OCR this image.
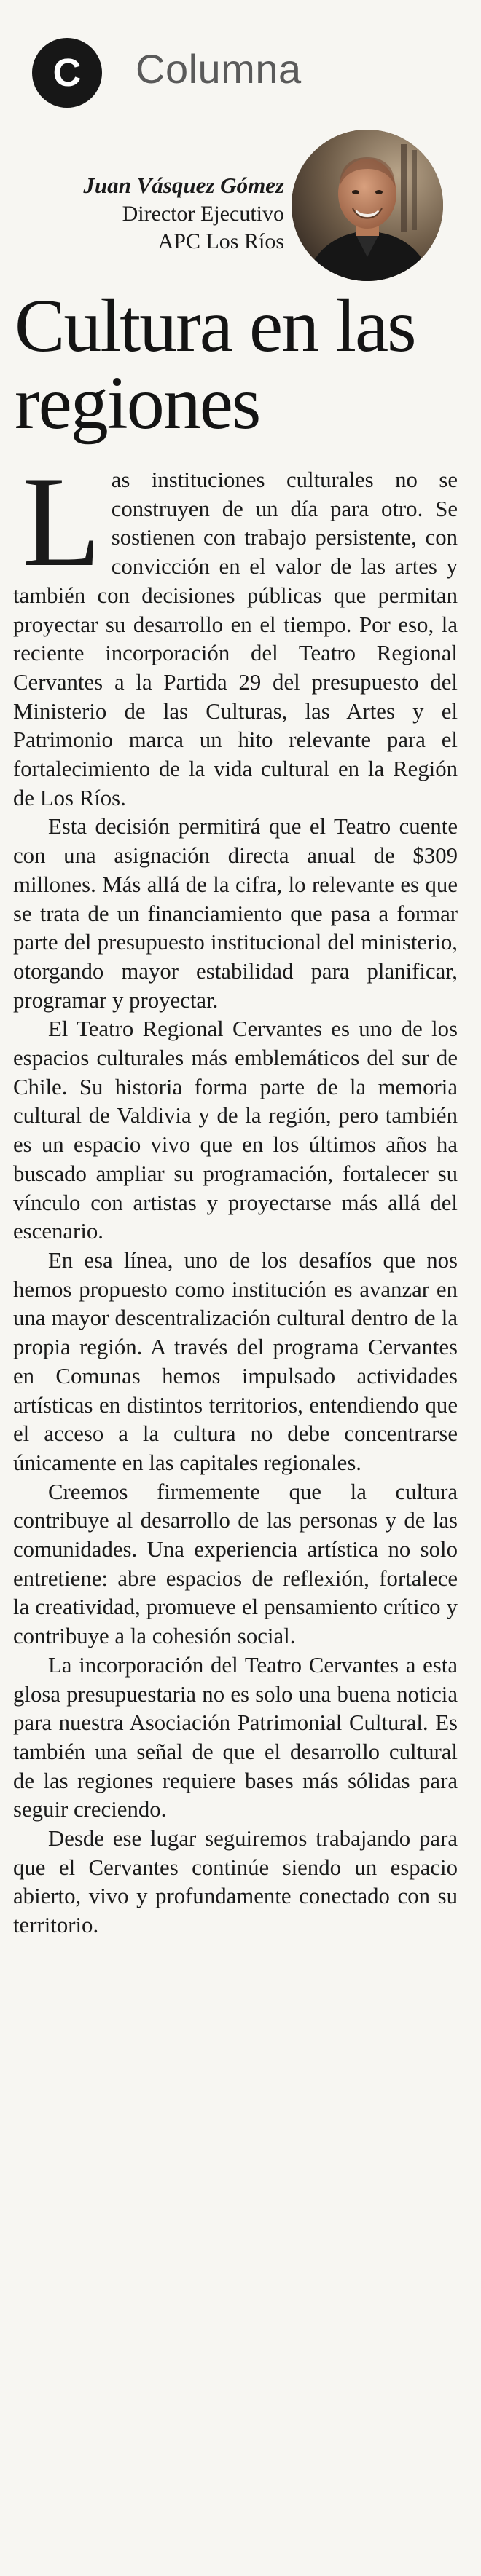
C	Columna
Juan Vásquez Gómez
Director Ejecutivo
APC Los Ríos
Cultura en las regiones

Las instituciones culturales no se construyen de un día para otro. Se sostienen con trabajo persistente, con convicción en el valor de las artes y también con decisiones públicas que permitan proyectar su desarrollo en el tiempo. Por eso, la reciente incorporación del Teatro Regional Cervantes a la Partida 29 del presupuesto del Ministerio de las Culturas, las Artes y el Patrimonio marca un hito relevante para el fortalecimiento de la vida cultural en la Región de Los Ríos.

Esta decisión permitirá que el Teatro cuente con una asignación directa anual de $309 millones. Más allá de la cifra, lo relevante es que se trata de un financiamiento que pasa a formar parte del presupuesto institucional del ministerio, otorgando mayor estabilidad para planificar, programar y proyectar.

El Teatro Regional Cervantes es uno de los espacios culturales más emblemáticos del sur de Chile. Su historia forma parte de la memoria cultural de Valdivia y de la región, pero también es un espacio vivo que en los últimos años ha buscado ampliar su programación, fortalecer su vínculo con artistas y proyectarse más allá del escenario.

En esa línea, uno de los desafíos que nos hemos propuesto como institución es avanzar en una mayor descentralización cultural dentro de la propia región. A través del programa Cervantes en Comunas hemos impulsado actividades artísticas en distintos territorios, entendiendo que el acceso a la cultura no debe concentrarse únicamente en las capitales regionales.

Creemos firmemente que la cultura contribuye al desarrollo de las personas y de las comunidades. Una experiencia artística no solo entretiene: abre espacios de reflexión, fortalece la creatividad, promueve el pensamiento crítico y contribuye a la cohesión social.

La incorporación del Teatro Cervantes a esta glosa presupuestaria no es solo una buena noticia para nuestra Asociación Patrimonial Cultural. Es también una señal de que el desarrollo cultural de las regiones requiere bases más sólidas para seguir creciendo.

Desde ese lugar seguiremos trabajando para que el Cervantes continúe siendo un espacio abierto, vivo y profundamente conectado con su territorio.
